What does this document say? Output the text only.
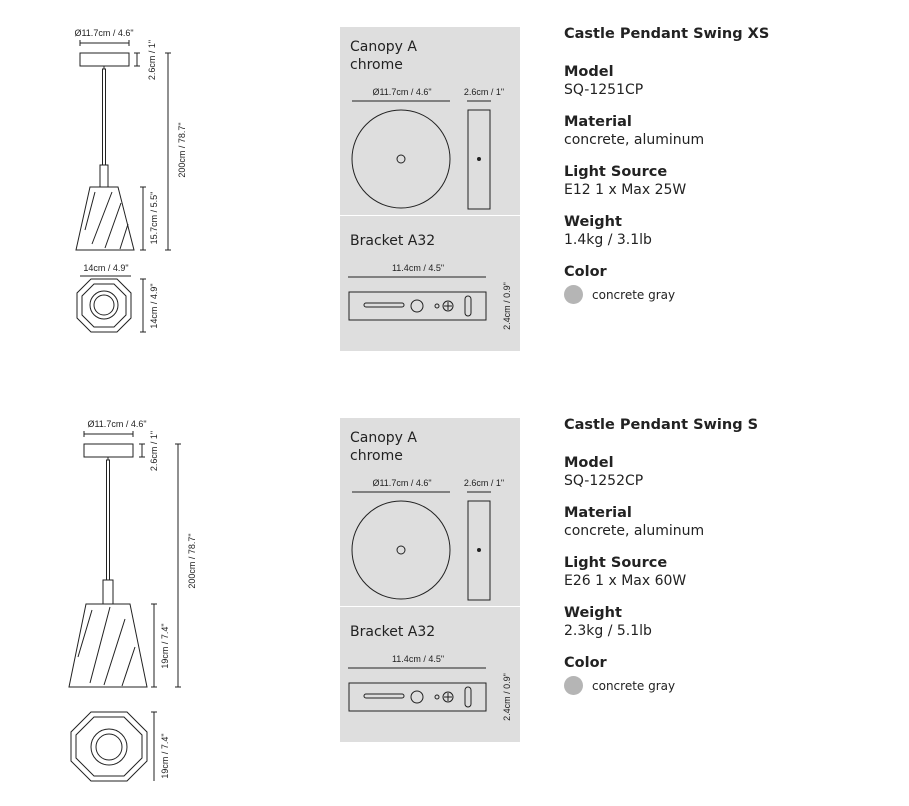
Ø11.7cm / 4.6"
14cm / 4.9"
2.6cm / 1"
200cm / 78.7"
15.7cm / 5.5"
14cm / 4.9"
Canopy A
chrome
Ø11.7cm / 4.6"	2.6cm / 1"
Bracket A32
11.4cm / 4.5"
2.4cm / 0.9"
Castle Pendant Swing XS
Model
SQ-1251CP
Material
concrete, aluminum
Light Source
E12 1 x Max 25W
Weight
1.4kg / 3.1lb
Color
concrete gray
Ø11.7cm / 4.6"
2.6cm / 1"
200cm / 78.7"
19cm / 7.4"
19cm / 7.4"
Canopy A
chrome
Ø11.7cm / 4.6"	2.6cm / 1"
Bracket A32
11.4cm / 4.5"
2.4cm / 0.9"
Castle Pendant Swing S
Model
SQ-1252CP
Material
concrete, aluminum
Light Source
E26 1 x Max 60W
Weight
2.3kg / 5.1lb
Color
concrete gray
